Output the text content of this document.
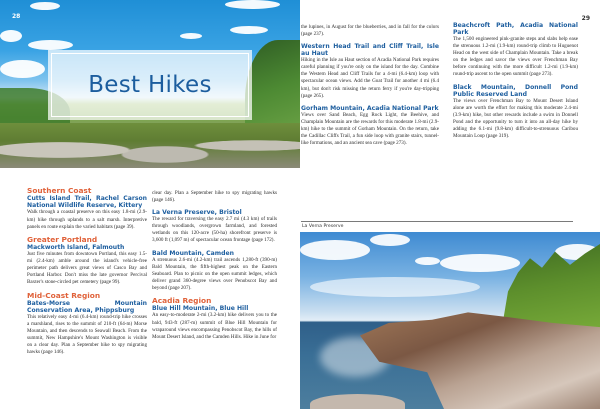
28
Best Hikes
29
Southern Coast
Cutts Island Trail, Rachel Carson National Wildlife Reserve, Kittery

Walk through a coastal preserve on this easy 1.8-mi (2.9-km) hike through uplands to a salt marsh. Interpretive panels en route explain the varied habitats (page 39).

Greater Portland
Mackworth Island, Falmouth

Just five minutes from downtown Portland, this easy 1.5-mi (2.4-km) amble around the island's vehicle-free perimeter path delivers great views of Casco Bay and Portland Harbor. Don't miss the late governor Percival Baxter's stone-circled pet cemetery (page 99).

Mid-Coast Region
Bates-Morse Mountain Conservation Area, Phippsburg

This relatively easy 4-mi (6.4-km) round-trip hike crosses a marshland, rises to the summit of 210-ft (64-m) Morse Mountain, and then descends to Seawall Beach. From the summit, New Hampshire's Mount Washington is visible on a clear day. Plan a September hike to spy migrating hawks (page 146).

clear day. Plan a September hike to spy migrating hawks (page 146).

La Verna Preserve, Bristol

The reward for traversing the easy 2.7 mi (4.3 km) of trails through woodlands, overgrown farmland, and forested wetlands on this 120-acre (50-ha) shorefront preserve is 3,600 ft (1,097 m) of spectacular ocean frontage (page 172).

Bald Mountain, Camden

A strenuous 2.6-mi (4.2-km) trail ascends 1,280-ft (390-m) Bald Mountain, the fifth-highest peak on the Eastern Seaboard. Plan to picnic on the open summit ledges, which deliver grand 360-degree views over Penobscot Bay and beyond (page 207).

Acadia Region
Blue Hill Mountain, Blue Hill

An easy-to-moderate 2-mi (3.2-km) hike delivers you to the bald, 943-ft (287-m) summit of Blue Hill Mountain for wraparound views encompassing Penobscot Bay, the hills of Mount Desert Island, and the Camden Hills. Hike in June for

the lupines, in August for the blueberries, and in fall for the colors (page 237).

Western Head Trail and Cliff Trail, Isle au Haut

Hiking in the Isle au Haut section of Acadia National Park requires careful planning if you're only on the island for the day. Combine the Western Head and Cliff Trails for a 4-mi (6.4-km) loop with spectacular ocean views. Add the Goat Trail for another 4 mi (6.4 km), but don't risk missing the return ferry if you're day-tripping (page 265).

Gorham Mountain, Acadia National Park

Views over Sand Beach, Egg Rock Light, the Beehive, and Champlain Mountain are the rewards for this moderate 1.8-mi (2.9-km) hike to the summit of Gorham Mountain. On the return, take the Cadillac Cliffs Trail, a fun side loop with granite stairs, tunnel-like formations, and an ancient sea cave (page 273).

Beachcroft Path, Acadia National Park

The 1,500 engineered pink-granite steps and slabs help ease the strenuous 1.2-mi (1.9-km) round-trip climb to Huguenot Head on the west side of Champlain Mountain. Take a break on the ledges and savor the views over Frenchman Bay before continuing with the more difficult 1.2-mi (1.9-km) round-trip ascent to the open summit (page 273).

Black Mountain, Donnell Pond Public Reserved Land

The views over Frenchman Bay to Mount Desert Island alone are worth the effort for making this moderate 2.4-mi (3.9-km) hike, but other rewards include a swim in Donnell Pond and the opportunity to turn it into an all-day hike by adding the 6.1-mi (9.8-km) difficult-to-strenuous Caribou Mountain Loop (page 319).

La Verna Preserve
